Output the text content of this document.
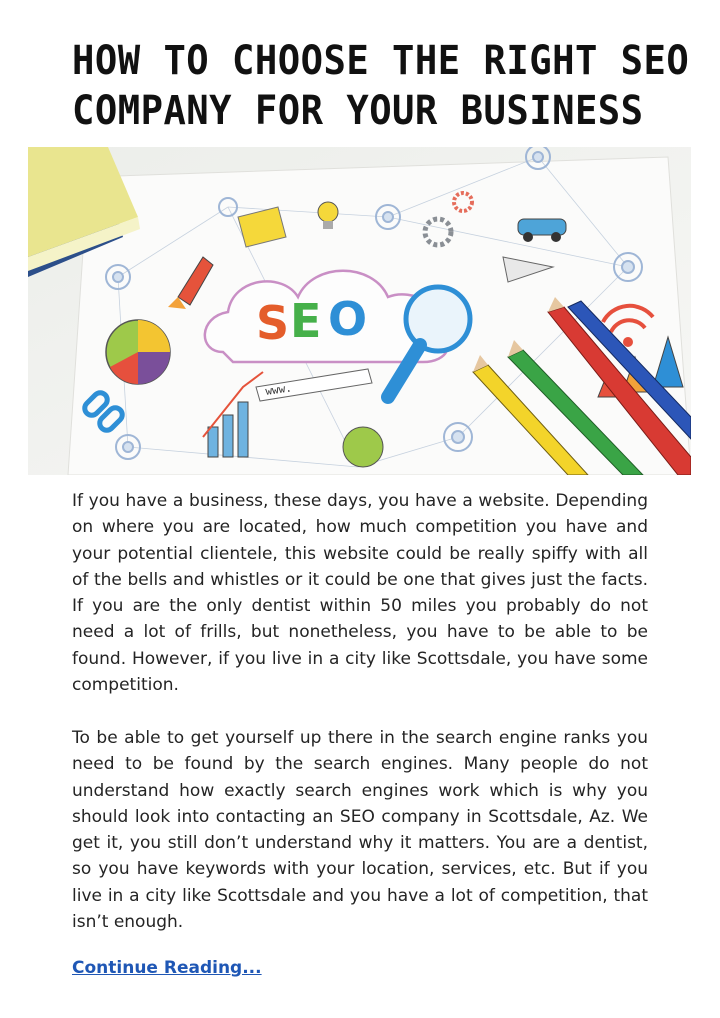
HOW TO CHOOSE THE RIGHT SEO
COMPANY FOR YOUR BUSINESS
S E O
www.

If you have a business, these days, you have a website. Depending on where you are located, how much competition you have and your potential clientele, this website could be really spiffy with all of the bells and whistles or it could be one that gives just the facts. If you are the only dentist within 50 miles you probably do not need a lot of frills, but nonetheless, you have to be able to be found. However, if you live in a city like Scottsdale, you have some competition.

To be able to get yourself up there in the search engine ranks you need to be found by the search engines. Many people do not understand how exactly search engines work which is why you should look into contacting an SEO company in Scottsdale, Az. We get it, you still don’t understand why it matters. You are a dentist, so you have keywords with your location, services, etc. But if you live in a city like Scottsdale and you have a lot of competition, that isn’t enough.

Continue Reading...
